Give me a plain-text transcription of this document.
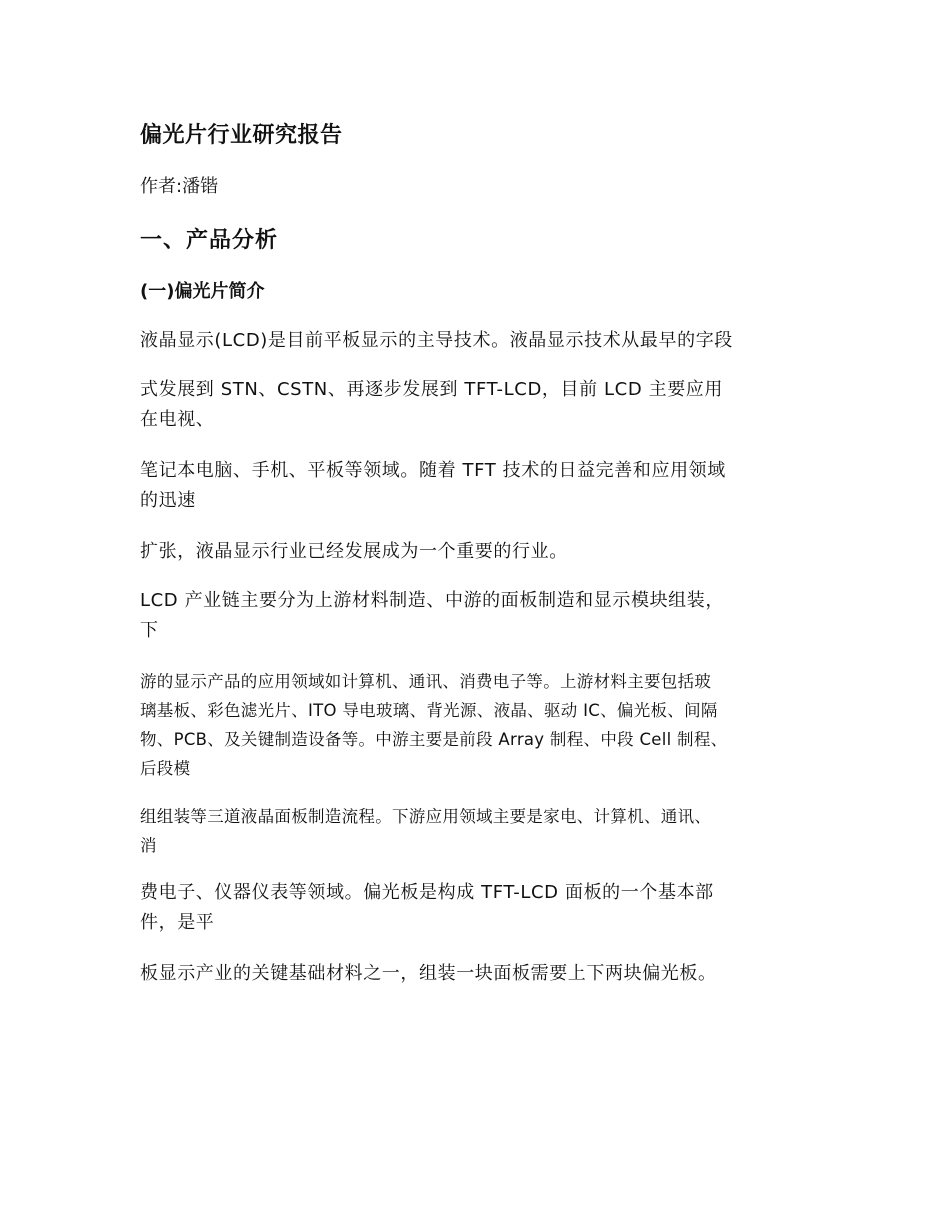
偏光片行业研究报告

作者:潘锴

一、产品分析
(一)偏光片简介

液晶显示(LCD)是目前平板显示的主导技术。液晶显示技术从最早的字段

式发展到 STN、CSTN、再逐步发展到 TFT-LCD，目前 LCD 主要应用
在电视、

笔记本电脑、手机、平板等领域。随着 TFT 技术的日益完善和应用领域
的迅速

扩张，液晶显示行业已经发展成为一个重要的行业。

LCD 产业链主要分为上游材料制造、中游的面板制造和显示模块组装，
下

游的显示产品的应用领域如计算机、通讯、消费电子等。上游材料主要包括玻
璃基板、彩色滤光片、ITO 导电玻璃、背光源、液晶、驱动 IC、偏光板、间隔
物、PCB、及关键制造设备等。中游主要是前段 Array 制程、中段 Cell 制程、
后段模

组组装等三道液晶面板制造流程。下游应用领域主要是家电、计算机、通讯、
消

费电子、仪器仪表等领域。偏光板是构成 TFT-LCD 面板的一个基本部
件，是平

板显示产业的关键基础材料之一，组装一块面板需要上下两块偏光板。
